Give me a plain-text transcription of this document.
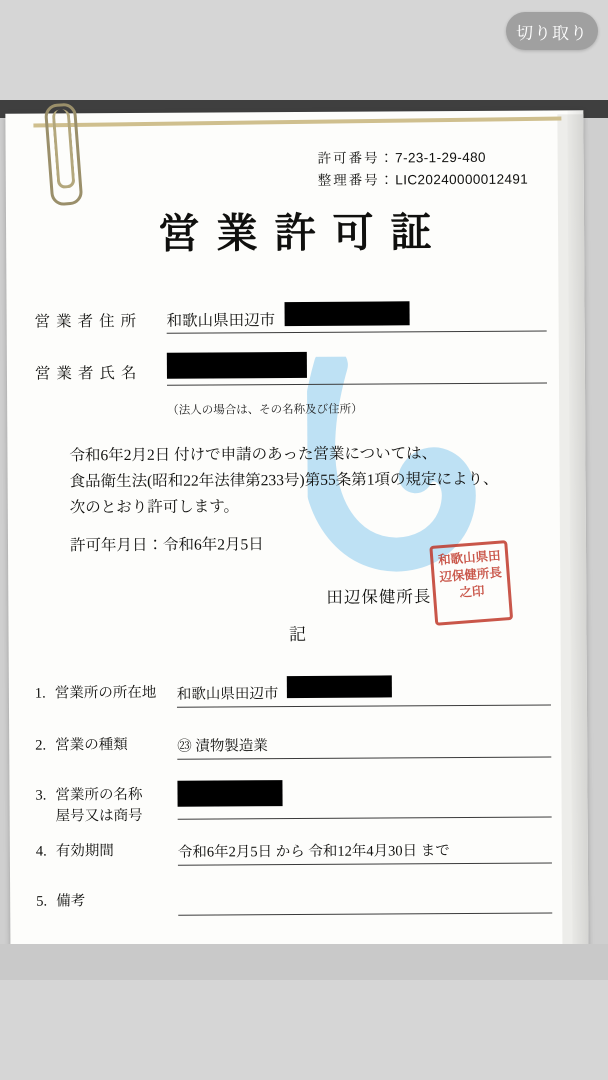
切り取り
許可番号：7-23-1-29-480
整理番号：LIC20240000012491
営業許可証
営業者住所 和歌山県田辺市
営業者氏名
（法人の場合は、その名称及び住所）
令和6年2月2日 付けで申請のあった営業については、
食品衛生法(昭和22年法律第233号)第55条第1項の規定により、
次のとおり許可します。
許可年月日：令和6年2月5日
田辺保健所長
和歌山県田辺保健所長之印
記
1. 営業所の所在地 和歌山県田辺市
2. 営業の種類	㉓ 漬物製造業
3. 営業所の名称
屋号又は商号
4. 有効期間	令和6年2月5日 から 令和12年4月30日 まで
5. 備考
